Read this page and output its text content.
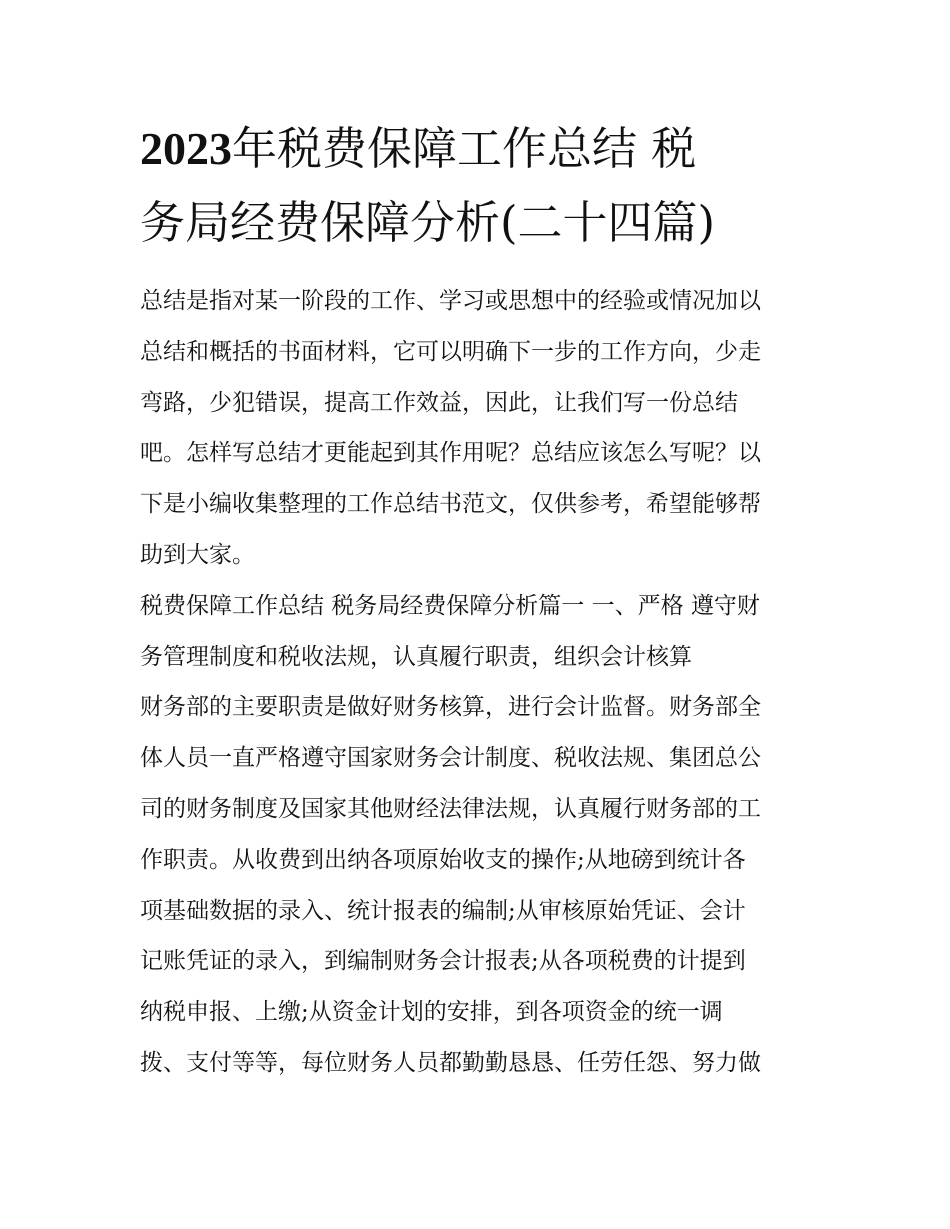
2023年税费保障工作总结 税
务局经费保障分析(二十四篇)
总结是指对某一阶段的工作、学习或思想中的经验或情况加以
总结和概括的书面材料，它可以明确下一步的工作方向，少走
弯路，少犯错误，提高工作效益，因此，让我们写一份总结
吧。怎样写总结才更能起到其作用呢？总结应该怎么写呢？以
下是小编收集整理的工作总结书范文，仅供参考，希望能够帮
助到大家。
税费保障工作总结 税务局经费保障分析篇一 一、严格 遵守财
务管理制度和税收法规，认真履行职责，组织会计核算
财务部的主要职责是做好财务核算，进行会计监督。财务部全
体人员一直严格遵守国家财务会计制度、税收法规、集团总公
司的财务制度及国家其他财经法律法规，认真履行财务部的工
作职责。从收费到出纳各项原始收支的操作;从地磅到统计各
项基础数据的录入、统计报表的编制;从审核原始凭证、会计
记账凭证的录入，到编制财务会计报表;从各项税费的计提到
纳税申报、上缴;从资金计划的安排，到各项资金的统一调
拨、支付等等，每位财务人员都勤勤恳恳、任劳任怨、努力做
